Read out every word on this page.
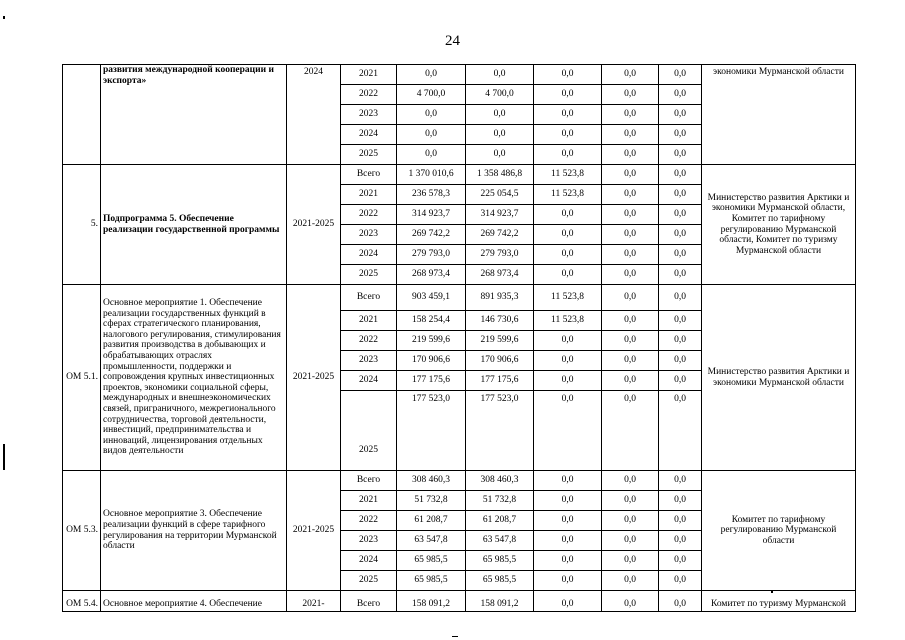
24
	развития международной кооперации и экспорта»	2024	2021	0,0	0,0	0,0	0,0	0,0	экономики Мурманской области
			2022	4 700,0	4 700,0	0,0	0,0	0,0	
			2023	0,0	0,0	0,0	0,0	0,0	
			2024	0,0	0,0	0,0	0,0	0,0	
			2025	0,0	0,0	0,0	0,0	0,0	
5.	Подпрограмма 5. Обеспечение реализации государственной программы	2021-2025	Всего	1 370 010,6	1 358 486,8	11 523,8	0,0	0,0	Министерство развития Арктики и экономики Мурманской области, Комитет по тарифному регулированию Мурманской области, Комитет по туризму Мурманской области
			2021	236 578,3	225 054,5	11 523,8	0,0	0,0	
			2022	314 923,7	314 923,7	0,0	0,0	0,0	
			2023	269 742,2	269 742,2	0,0	0,0	0,0	
			2024	279 793,0	279 793,0	0,0	0,0	0,0	
			2025	268 973,4	268 973,4	0,0	0,0	0,0	
ОМ 5.1.	Основное мероприятие 1. Обеспечение реализации государственных функций в сферах стратегического планирования, налогового регулирования, стимулирования развития производства в добывающих и обрабатывающих отраслях промышленности, поддержки и сопровождения крупных инвестиционных проектов, экономики социальной сферы, международных и внешнеэкономических связей, приграничного, межрегионального сотрудничества, торговой деятельности, инвестиций, предпринимательства и инноваций, лицензирования отдельных видов деятельности	2021-2025	Всего	903 459,1	891 935,3	11 523,8	0,0	0,0	Министерство развития Арктики и экономики Мурманской области
			2021	158 254,4	146 730,6	11 523,8	0,0	0,0	
			2022	219 599,6	219 599,6	0,0	0,0	0,0	
			2023	170 906,6	170 906,6	0,0	0,0	0,0	
			2024	177 175,6	177 175,6	0,0	0,0	0,0	
			2025	177 523,0	177 523,0	0,0	0,0	0,0	
ОМ 5.3.	Основное мероприятие 3. Обеспечение реализации функций в сфере тарифного регулирования на территории Мурманской области	2021-2025	Всего	308 460,3	308 460,3	0,0	0,0	0,0	Комитет по тарифному регулированию Мурманской области
			2021	51 732,8	51 732,8	0,0	0,0	0,0	
			2022	61 208,7	61 208,7	0,0	0,0	0,0	
			2023	63 547,8	63 547,8	0,0	0,0	0,0	
			2024	65 985,5	65 985,5	0,0	0,0	0,0	
			2025	65 985,5	65 985,5	0,0	0,0	0,0	
ОМ 5.4.	Основное мероприятие 4. Обеспечение	2021-	Всего	158 091,2	158 091,2	0,0	0,0	0,0	Комитет по туризму Мурманской
